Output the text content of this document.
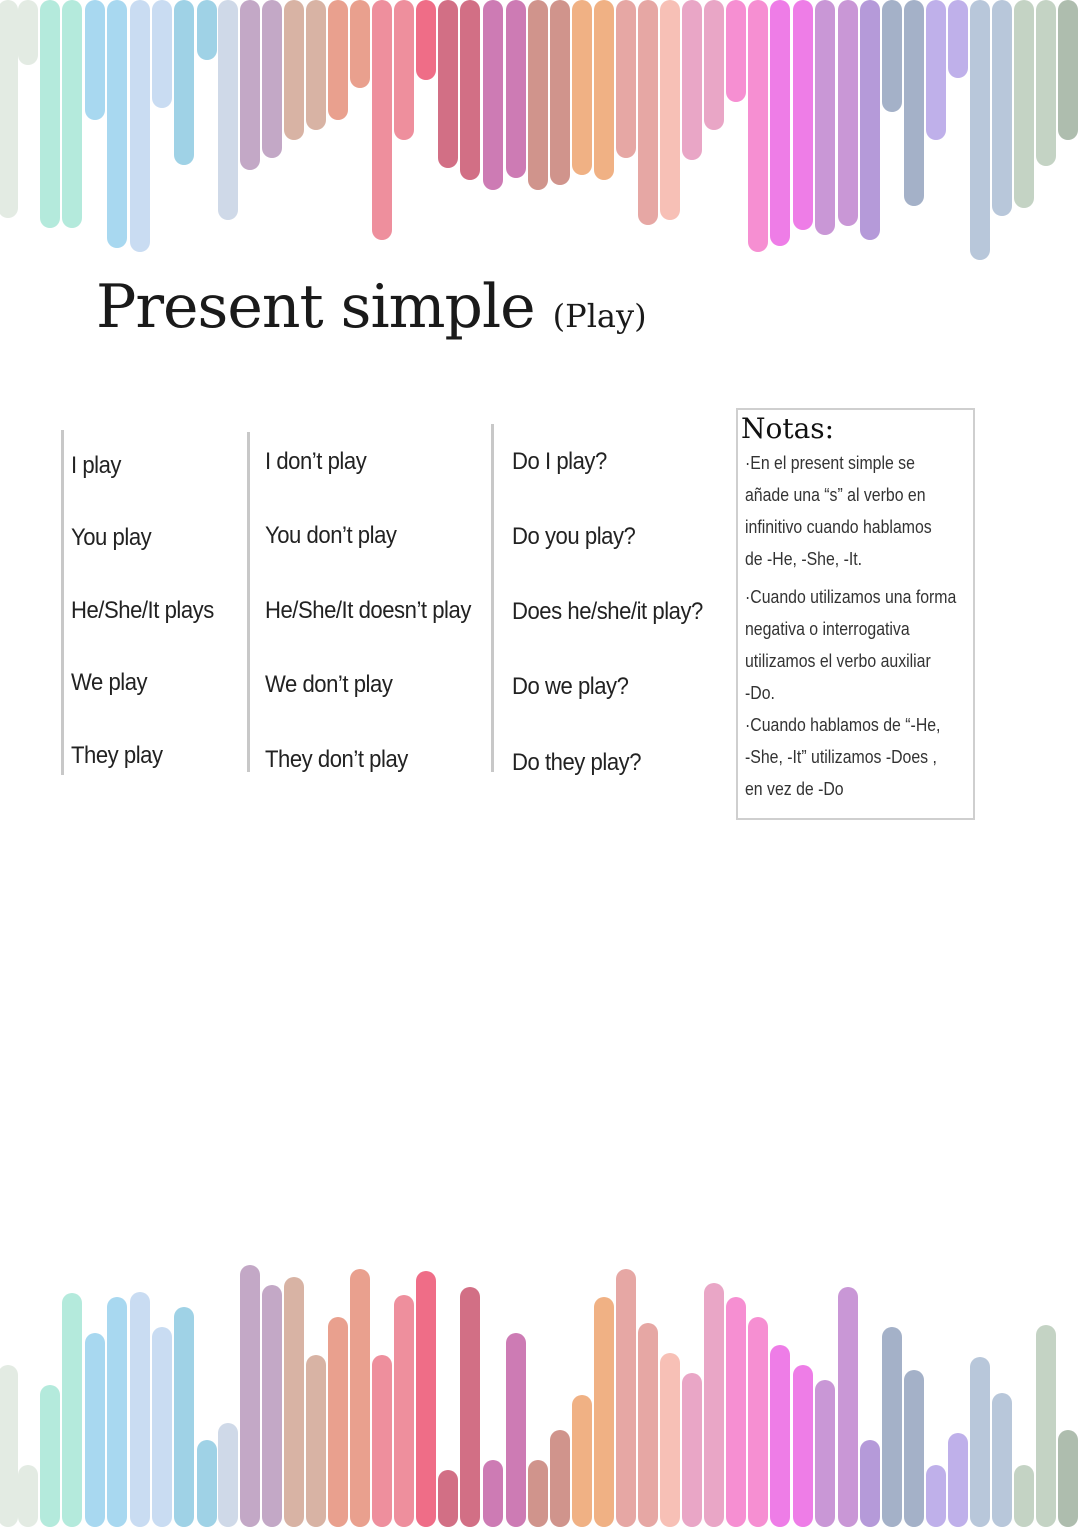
Present simple (Play)
I play
You play
He/She/It plays
We play
They play
I don’t play
You don’t play
He/She/It doesn’t play
We don’t play
They don’t play
Do I play?
Do you play?
Does he/she/it play?
Do we play?
Do they play?
Notas:
·En el present simple se
añade una “s” al verbo en
infinitivo cuando hablamos
de -He, -She, -It.
·Cuando utilizamos una forma
negativa o interrogativa
utilizamos el verbo auxiliar
-Do.
·Cuando hablamos de “-He,
-She, -It” utilizamos -Does ,
en vez de -Do
